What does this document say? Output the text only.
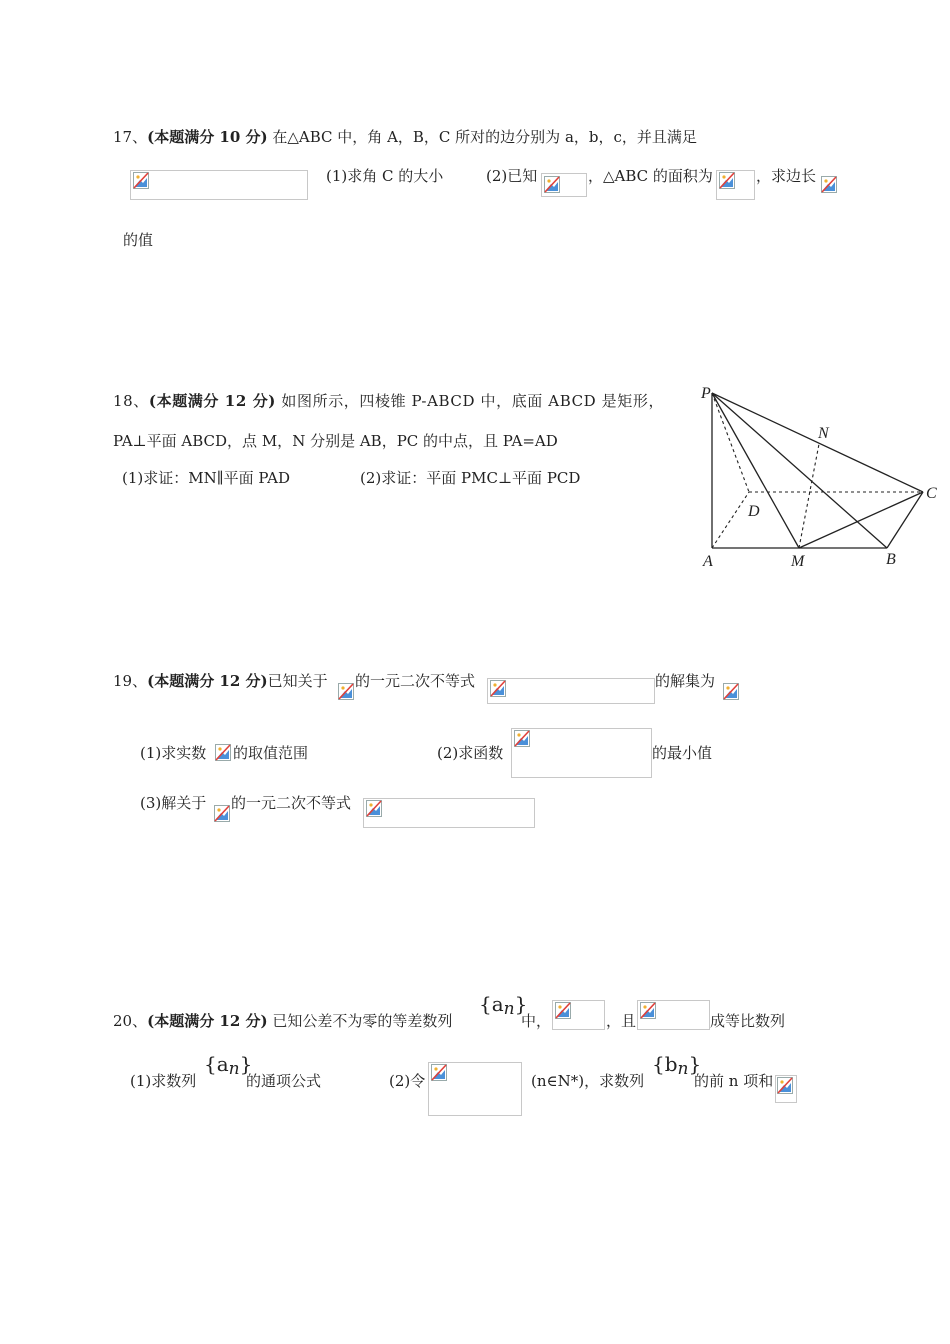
17、(本题满分 10 分) 在△ABC 中，角 A，B，C 所对的边分别为 a，b，c，并且满足
(1)求角 C 的大小	(2)已知	，△ABC 的面积为	，求边长
的值
18、(本题满分 12 分) 如图所示，四棱锥 P-ABCD 中，底面 ABCD 是矩形，
PA⊥平面 ABCD，点 M，N 分别是 AB，PC 的中点，且 PA=AD
(1)求证：MN∥平面 PAD	(2)求证：平面 PMC⊥平面 PCD
P
N
C
D
A	M	B
19、(本题满分 12 分)已知关于 的一元二次不等式	的解集为
(1)求实数 的取值范围	(2)求函数	的最小值
(3)解关于 的一元二次不等式
20、(本题满分 12 分) 已知公差不为零的等差数列
{an}
中，	，且	成等比数列
(1)求数列
{an}
的通项公式	(2)令	(n∈N*)，求数列
{bn}
的前 n 项和
